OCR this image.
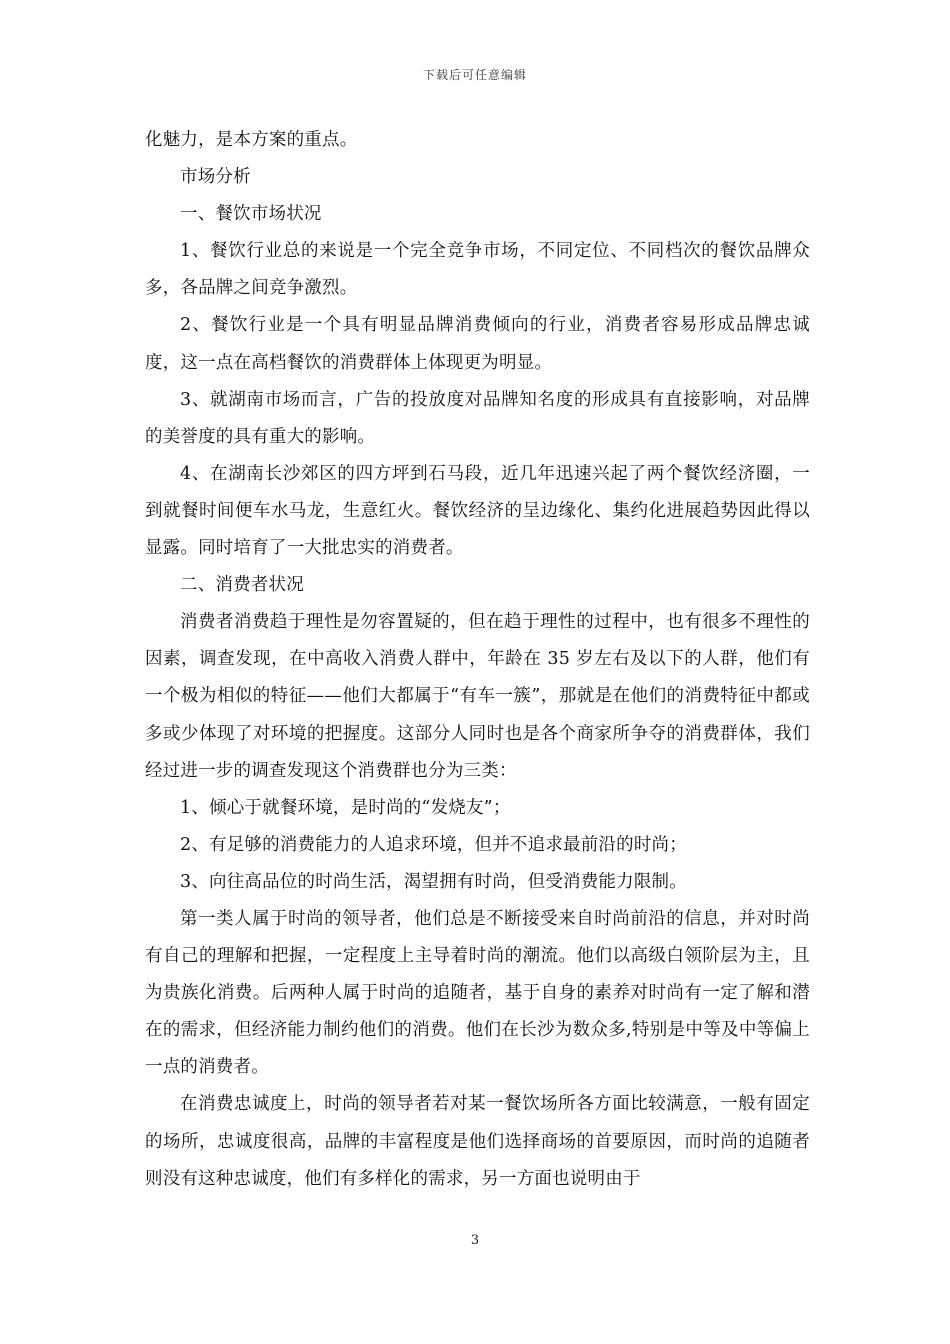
下载后可任意编辑

化魅力，是本方案的重点。

市场分析

一、餐饮市场状况

1、餐饮行业总的来说是一个完全竞争市场，不同定位、不同档次的餐饮品牌众多，各品牌之间竞争激烈。

2、餐饮行业是一个具有明显品牌消费倾向的行业，消费者容易形成品牌忠诚度，这一点在高档餐饮的消费群体上体现更为明显。

3、就湖南市场而言，广告的投放度对品牌知名度的形成具有直接影响，对品牌的美誉度的具有重大的影响。

4、在湖南长沙郊区的四方坪到石马段，近几年迅速兴起了两个餐饮经济圈，一到就餐时间便车水马龙，生意红火。餐饮经济的呈边缘化、集约化进展趋势因此得以显露。同时培育了一大批忠实的消费者。

二、消费者状况

消费者消费趋于理性是勿容置疑的，但在趋于理性的过程中，也有很多不理性的因素，调查发现，在中高收入消费人群中，年龄在 35 岁左右及以下的人群，他们有一个极为相似的特征——他们大都属于“有车一簇”，那就是在他们的消费特征中都或多或少体现了对环境的把握度。这部分人同时也是各个商家所争夺的消费群体，我们经过进一步的调查发现这个消费群也分为三类：

1、倾心于就餐环境，是时尚的“发烧友”；

2、有足够的消费能力的人追求环境，但并不追求最前沿的时尚；

3、向往高品位的时尚生活，渴望拥有时尚，但受消费能力限制。

第一类人属于时尚的领导者，他们总是不断接受来自时尚前沿的信息，并对时尚有自己的理解和把握，一定程度上主导着时尚的潮流。他们以高级白领阶层为主，且为贵族化消费。后两种人属于时尚的追随者，基于自身的素养对时尚有一定了解和潜在的需求，但经济能力制约他们的消费。他们在长沙为数众多,特别是中等及中等偏上一点的消费者。

在消费忠诚度上，时尚的领导者若对某一餐饮场所各方面比较满意，一般有固定的场所，忠诚度很高，品牌的丰富程度是他们选择商场的首要原因，而时尚的追随者则没有这种忠诚度，他们有多样化的需求，另一方面也说明由于

3
